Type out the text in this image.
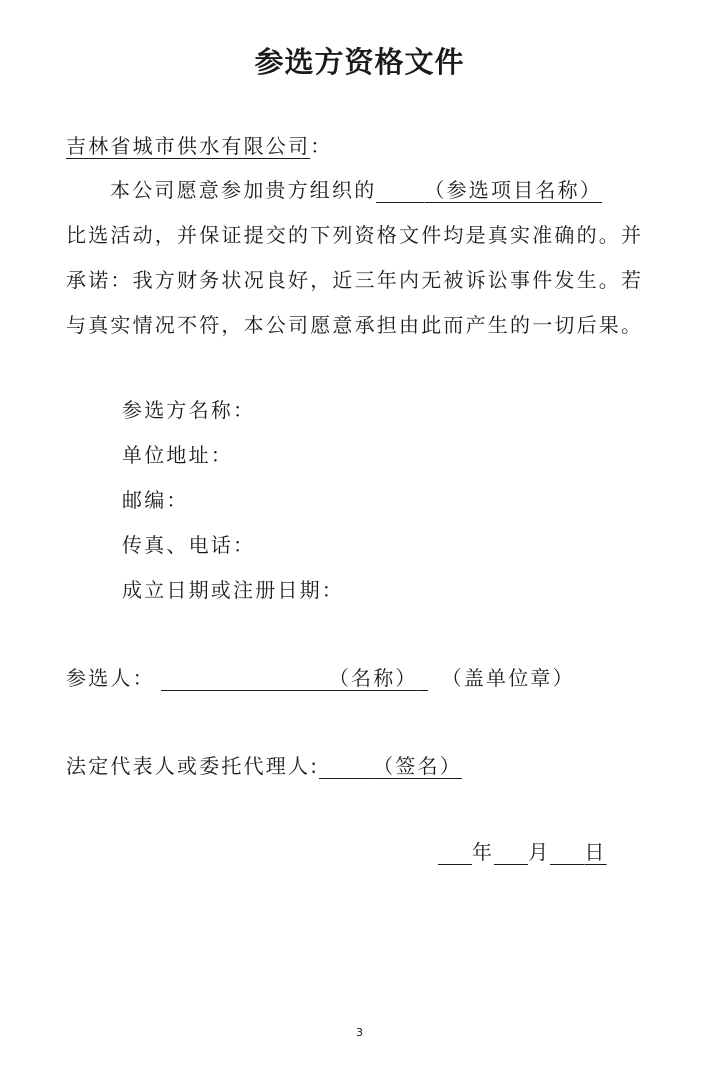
参选方资格文件
吉林省城市供水有限公司：
本公司愿意参加贵方组织的 （参选项目名称）
比选活动，并保证提交的下列资格文件均是真实准确的。并
承诺：我方财务状况良好，近三年内无被诉讼事件发生。若
与真实情况不符，本公司愿意承担由此而产生的一切后果。
参选方名称：
单位地址：
邮编：
传真、电话：
成立日期或注册日期：
参选人：	（名称） （盖单位章）
法定代表人或委托代理人:	（签名）
年 月 日
3
